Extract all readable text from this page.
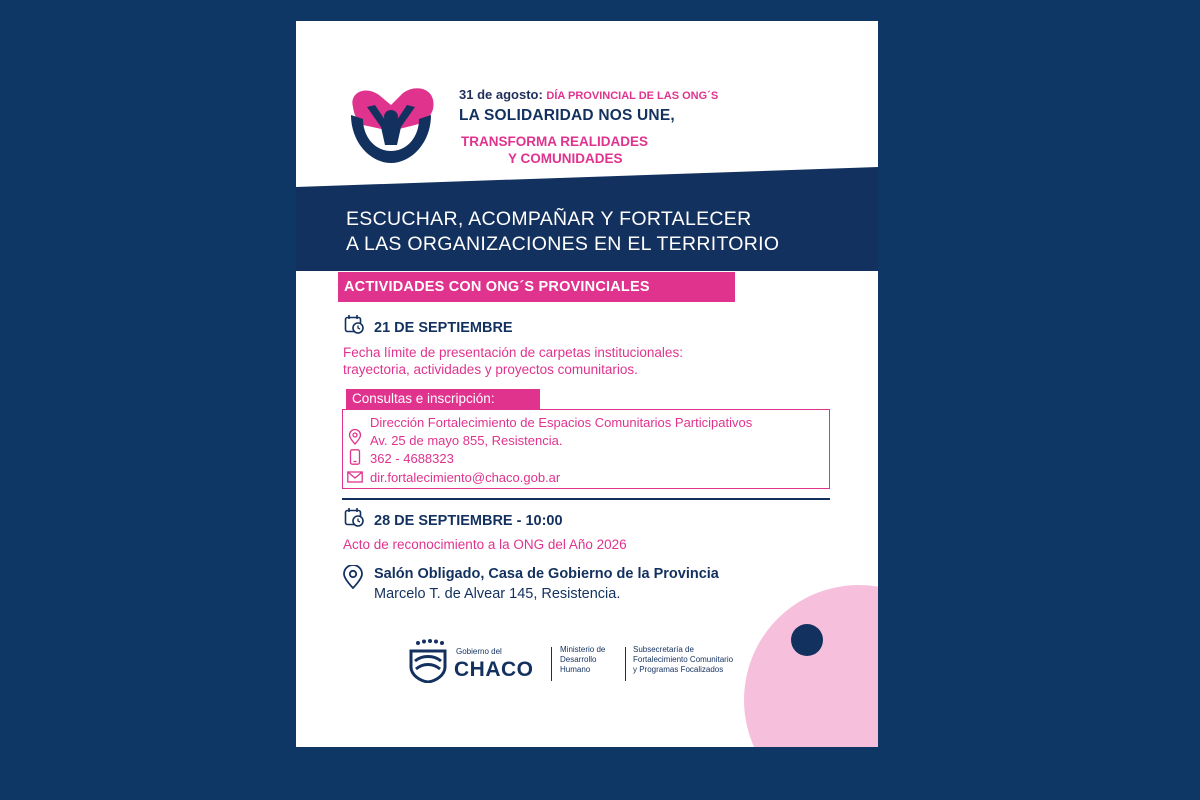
31 de agosto: DÍA PROVINCIAL DE LAS ONG´S
LA SOLIDARIDAD NOS UNE,
TRANSFORMA REALIDADES
Y COMUNIDADES
ESCUCHAR, ACOMPAÑAR Y FORTALECER
A LAS ORGANIZACIONES EN EL TERRITORIO
ACTIVIDADES CON ONG´S PROVINCIALES
21 DE SEPTIEMBRE
Fecha límite de presentación de carpetas institucionales:
trayectoria, actividades y proyectos comunitarios.
Consultas e inscripción:
Dirección Fortalecimiento de Espacios Comunitarios Participativos
Av. 25 de mayo 855, Resistencia.
362 - 4688323
dir.fortalecimiento@chaco.gob.ar
28 DE SEPTIEMBRE - 10:00
Acto de reconocimiento a la ONG del Año 2026
Salón Obligado, Casa de Gobierno de la Provincia
Marcelo T. de Alvear 145, Resistencia.
Gobierno del
CHACO
Ministerio de
Desarrollo
Humano
Subsecretaría de
Fortalecimiento Comunitario
y Programas Focalizados
